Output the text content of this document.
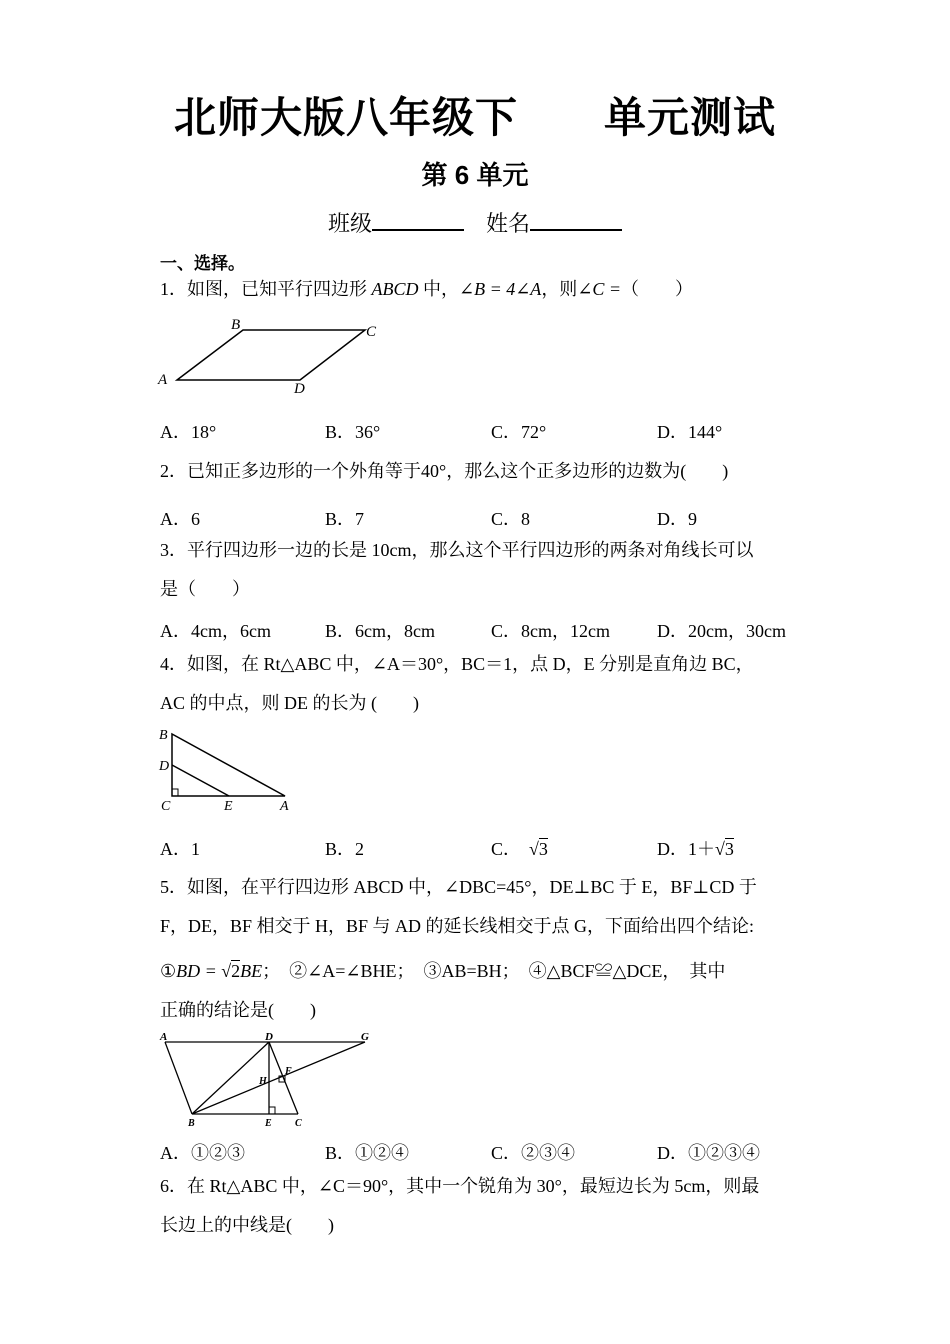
北师大版八年级下　　单元测试
第 6 单元
班级	姓名
一、选择。
1．如图，已知平行四边形 ABCD 中，∠B = 4∠A，则∠C =（　　）
A
B	C
D
A．18°	B．36°	C．72°	D．144°
2．已知正多边形的一个外角等于40°，那么这个正多边形的边数为(　　)
A．6	B．7	C．8	D．9
3．平行四边形一边的长是 10cm，那么这个平行四边形的两条对角线长可以
是（　　）
A．4cm，6cm	B．6cm，8cm	C．8cm，12cm	D．20cm，30cm
4．如图，在 Rt△ABC 中，∠A＝30°，BC＝1，点 D，E 分别是直角边 BC，
AC 的中点，则 DE 的长为 (　　)
B
D
C	E	A
A．1	B．2	C． √3	D．1＋√3
5．如图，在平行四边形 ABCD 中，∠DBC=45°，DE⊥BC 于 E，BF⊥CD 于
F，DE，BF 相交于 H，BF 与 AD 的延长线相交于点 G，下面给出四个结论:
①BD = √2BE；　②∠A=∠BHE；　③AB=BH；　④△BCF≌△DCE，　其中
正确的结论是(　　)
A	D	G
H
F
B	E C
A．①②③	B．①②④	C．②③④	D．①②③④
6．在 Rt△ABC 中，∠C＝90°，其中一个锐角为 30°，最短边长为 5cm，则最
长边上的中线是(　　)
